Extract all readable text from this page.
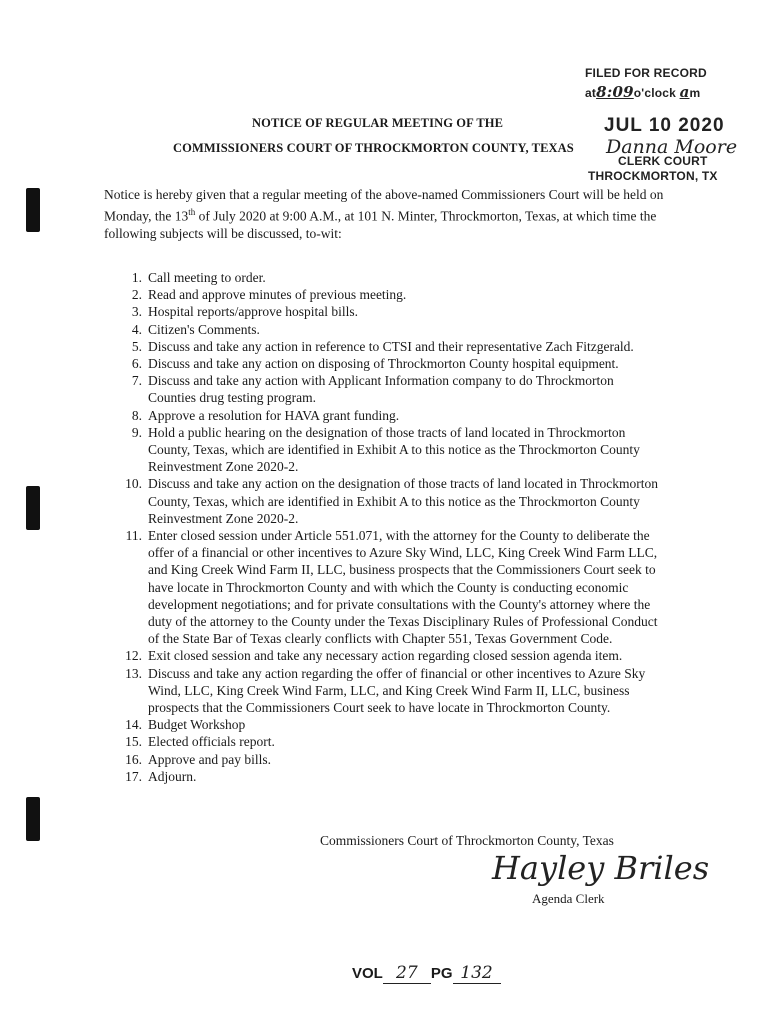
FILED FOR RECORD
at8:09o'clock am
JUL 10 2020
Danna Moore
CLERK COURT
THROCKMORTON, TX
NOTICE OF REGULAR MEETING OF THE
COMMISSIONERS COURT OF THROCKMORTON COUNTY, TEXAS
Notice is hereby given that a regular meeting of the above-named Commissioners Court will be held on Monday, the 13th of July 2020 at 9:00 A.M., at 101 N. Minter, Throckmorton, Texas, at which time the following subjects will be discussed, to-wit:
1. Call meeting to order.
2. Read and approve minutes of previous meeting.
3. Hospital reports/approve hospital bills.
4. Citizen's Comments.
5. Discuss and take any action in reference to CTSI and their representative Zach Fitzgerald.
6. Discuss and take any action on disposing of Throckmorton County hospital equipment.
7. Discuss and take any action with Applicant Information company to do Throckmorton Counties drug testing program.
8. Approve a resolution for HAVA grant funding.
9. Hold a public hearing on the designation of those tracts of land located in Throckmorton County, Texas, which are identified in Exhibit A to this notice as the Throckmorton County Reinvestment Zone 2020-2.
10. Discuss and take any action on the designation of those tracts of land located in Throckmorton County, Texas, which are identified in Exhibit A to this notice as the Throckmorton County Reinvestment Zone 2020-2.
11. Enter closed session under Article 551.071, with the attorney for the County to deliberate the offer of a financial or other incentives to Azure Sky Wind, LLC, King Creek Wind Farm LLC, and King Creek Wind Farm II, LLC, business prospects that the Commissioners Court seek to have locate in Throckmorton County and with which the County is conducting economic development negotiations; and for private consultations with the County's attorney where the duty of the attorney to the County under the Texas Disciplinary Rules of Professional Conduct of the State Bar of Texas clearly conflicts with Chapter 551, Texas Government Code.
12. Exit closed session and take any necessary action regarding closed session agenda item.
13. Discuss and take any action regarding the offer of financial or other incentives to Azure Sky Wind, LLC, King Creek Wind Farm, LLC, and King Creek Wind Farm II, LLC, business prospects that the Commissioners Court seek to have locate in Throckmorton County.
14. Budget Workshop
15. Elected officials report.
16. Approve and pay bills.
17. Adjourn.
Commissioners Court of Throckmorton County, Texas
Hayley Briles
Agenda Clerk
VOL 27 PG 132
